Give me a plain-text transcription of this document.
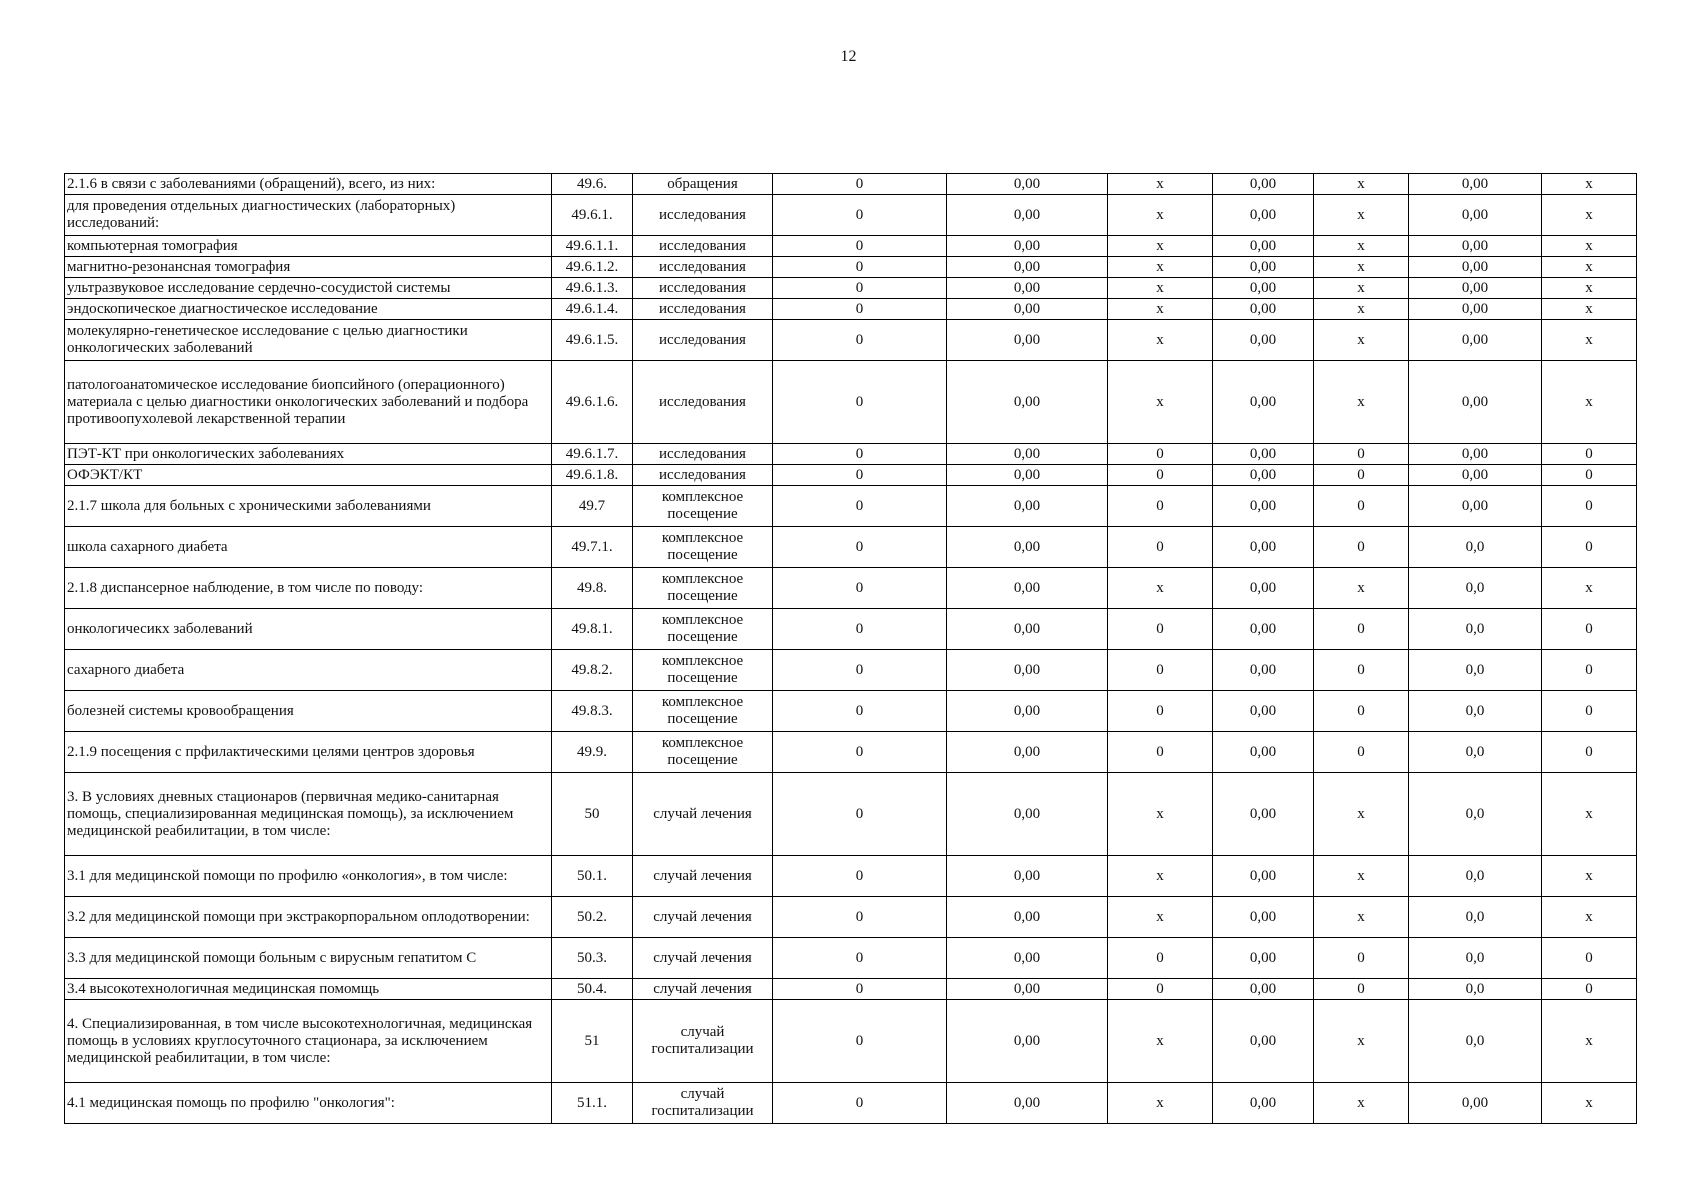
12
2.1.6 в связи с заболеваниями (обращений), всего, из них:	49.6.	обращения	0	0,00	х	0,00	х	0,00	х
для проведения отдельных диагностических (лабораторных) исследований:	49.6.1.	исследования	0	0,00	х	0,00	х	0,00	х
компьютерная томография	49.6.1.1.	исследования	0	0,00	х	0,00	х	0,00	х
магнитно-резонансная томография	49.6.1.2.	исследования	0	0,00	х	0,00	х	0,00	х
ультразвуковое исследование сердечно-сосудистой системы	49.6.1.3.	исследования	0	0,00	х	0,00	х	0,00	х
эндоскопическое диагностическое исследование	49.6.1.4.	исследования	0	0,00	х	0,00	х	0,00	х
молекулярно-генетическое исследование с целью диагностики онкологических заболеваний	49.6.1.5.	исследования	0	0,00	х	0,00	х	0,00	х
патологоанатомическое исследование биопсийного (операционного) материала с целью диагностики онкологических заболеваний и подбора противоопухолевой лекарственной терапии	49.6.1.6.	исследования	0	0,00	х	0,00	х	0,00	х
ПЭТ-КТ при онкологических заболеваниях	49.6.1.7.	исследования	0	0,00	0	0,00	0	0,00	0
ОФЭКТ/КТ	49.6.1.8.	исследования	0	0,00	0	0,00	0	0,00	0
2.1.7 школа для больных с хроническими заболеваниями	49.7	комплексное посещение	0	0,00	0	0,00	0	0,00	0
школа сахарного диабета	49.7.1.	комплексное посещение	0	0,00	0	0,00	0	0,0	0
2.1.8 диспансерное наблюдение, в том числе по поводу:	49.8.	комплексное посещение	0	0,00	х	0,00	х	0,0	х
онкологичесикх заболеваний	49.8.1.	комплексное посещение	0	0,00	0	0,00	0	0,0	0
сахарного диабета	49.8.2.	комплексное посещение	0	0,00	0	0,00	0	0,0	0
болезней системы кровообращения	49.8.3.	комплексное посещение	0	0,00	0	0,00	0	0,0	0
2.1.9 посещения с прфилактическими целями центров здоровья	49.9.	комплексное посещение	0	0,00	0	0,00	0	0,0	0
3. В условиях дневных стационаров (первичная медико-санитарная помощь, специализированная медицинская помощь), за исключением медицинской реабилитации, в том числе:	50	случай лечения	0	0,00	х	0,00	х	0,0	х
3.1 для медицинской помощи по профилю «онкология», в том числе:	50.1.	случай лечения	0	0,00	х	0,00	х	0,0	х
3.2 для медицинской помощи при экстракорпоральном оплодотворении:	50.2.	случай лечения	0	0,00	х	0,00	х	0,0	х
3.3 для медицинской помощи больным с вирусным гепатитом С	50.3.	случай лечения	0	0,00	0	0,00	0	0,0	0
3.4 высокотехнологичная медицинская помомщь	50.4.	случай лечения	0	0,00	0	0,00	0	0,0	0
4. Специализированная, в том числе высокотехнологичная, медицинская помощь в условиях круглосуточного стационара, за исключением медицинской реабилитации, в том числе:	51	случай госпитализации	0	0,00	х	0,00	х	0,0	х
4.1 медицинская помощь по профилю "онкология":	51.1.	случай госпитализации	0	0,00	х	0,00	х	0,00	х
